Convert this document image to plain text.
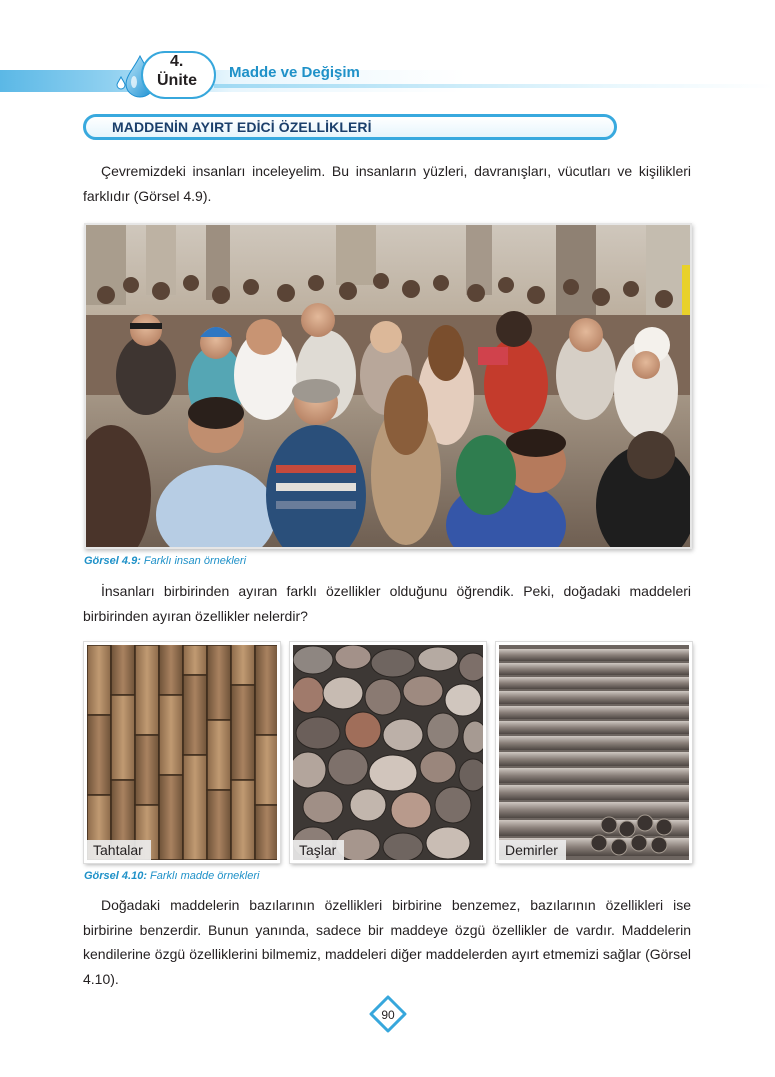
4.
Ünite Madde ve Değişim
MADDENİN AYIRT EDİCİ ÖZELLİKLERİ
Çevremizdeki insanları inceleyelim. Bu insanların yüzleri, davranışları, vücutları ve kişilikleri farklıdır (Görsel 4.9).
Görsel 4.9: Farklı insan örnekleri
İnsanları birbirinden ayıran farklı özellikler olduğunu öğrendik. Peki, doğadaki maddeleri birbirinden ayıran özellikler nelerdir?
Tahtalar	Taşlar	Demirler
Görsel 4.10: Farklı madde örnekleri
Doğadaki maddelerin bazılarının özellikleri birbirine benzemez, bazılarının özellikleri ise birbirine benzerdir. Bunun yanında, sadece bir maddeye özgü özellikler de vardır. Maddelerin kendilerine özgü özelliklerini bilmemiz, maddeleri diğer maddelerden ayırt etmemizi sağlar (Görsel 4.10).
90
